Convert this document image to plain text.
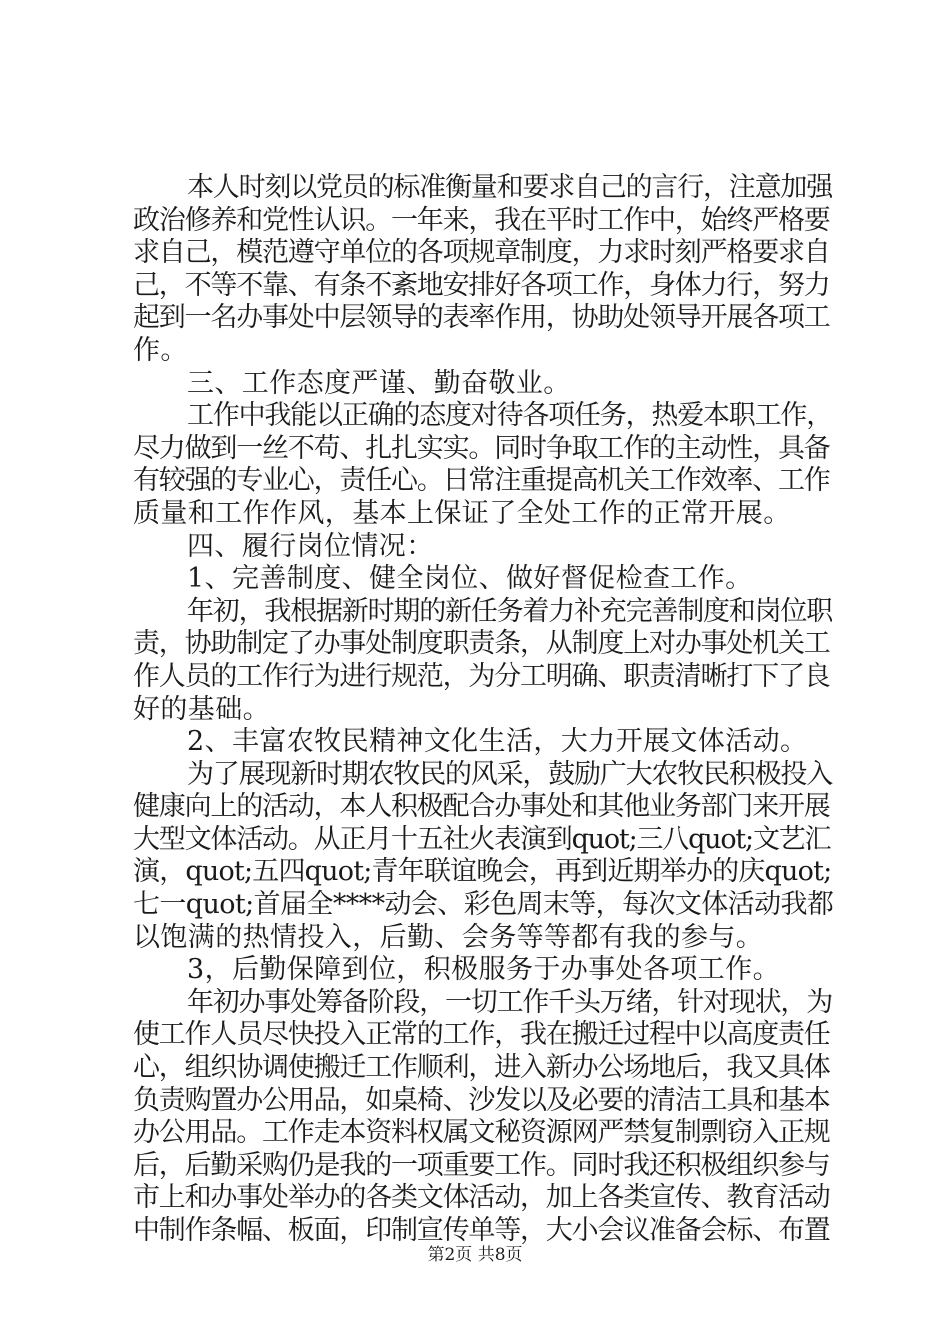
本人时刻以党员的标准衡量和要求自己的言行，注意加强
政治修养和党性认识。一年来，我在平时工作中，始终严格要
求自己，模范遵守单位的各项规章制度，力求时刻严格要求自
己，不等不靠、有条不紊地安排好各项工作，身体力行，努力
起到一名办事处中层领导的表率作用，协助处领导开展各项工
作。
三、工作态度严谨、勤奋敬业。
工作中我能以正确的态度对待各项任务，热爱本职工作，
尽力做到一丝不苟、扎扎实实。同时争取工作的主动性，具备
有较强的专业心，责任心。日常注重提高机关工作效率、工作
质量和工作作风，基本上保证了全处工作的正常开展。
四、履行岗位情况：
1、完善制度、健全岗位、做好督促检查工作。
年初，我根据新时期的新任务着力补充完善制度和岗位职
责，协助制定了办事处制度职责条，从制度上对办事处机关工
作人员的工作行为进行规范，为分工明确、职责清晰打下了良
好的基础。
2、丰富农牧民精神文化生活，大力开展文体活动。
为了展现新时期农牧民的风采，鼓励广大农牧民积极投入
健康向上的活动，本人积极配合办事处和其他业务部门来开展
大型文体活动。从正月十五社火表演到quot;三八quot;文艺汇
演，quot;五四quot;青年联谊晚会，再到近期举办的庆quot;
七一quot;首届全****动会、彩色周末等，每次文体活动我都
以饱满的热情投入，后勤、会务等等都有我的参与。
3，后勤保障到位，积极服务于办事处各项工作。
年初办事处筹备阶段，一切工作千头万绪，针对现状，为
使工作人员尽快投入正常的工作，我在搬迁过程中以高度责任
心，组织协调使搬迁工作顺利，进入新办公场地后，我又具体
负责购置办公用品，如桌椅、沙发以及必要的清洁工具和基本
办公用品。工作走本资料权属文秘资源网严禁复制剽窃入正规
后，后勤采购仍是我的一项重要工作。同时我还积极组织参与
市上和办事处举办的各类文体活动，加上各类宣传、教育活动
中制作条幅、板面，印制宣传单等，大小会议准备会标、布置
第2页 共8页
